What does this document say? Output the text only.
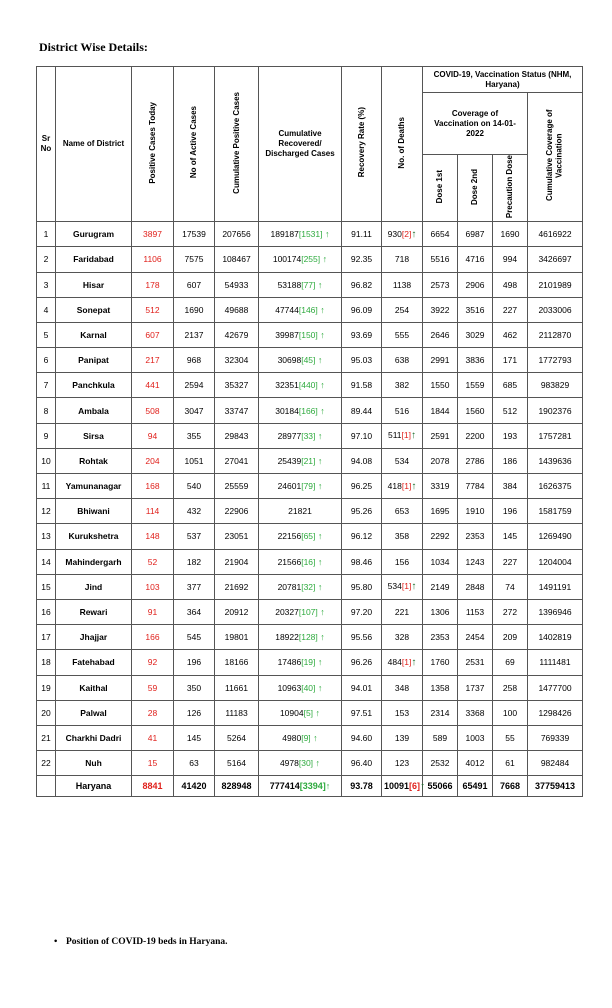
District Wise Details:
Sr No	Name of District	Positive Cases Today	No of Active Cases	Cumulative Positive Cases	Cumulative Recovered/ Discharged Cases	Recovery Rate (%)	No. of Deaths	COVID-19, Vaccination Status (NHM, Haryana)			
								Coverage of Vaccination on 14-01-2022			Cumulative Coverage of Vaccination
								Dose 1st	Dose 2nd	Precaution Dose	
1	Gurugram	3897	17539	207656	189187[1531] ↑	91.11	930[2]↑	6654	6987	1690	4616922
2	Faridabad	1106	7575	108467	100174[255] ↑	92.35	718	5516	4716	994	3426697
3	Hisar	178	607	54933	53188[77] ↑	96.82	1138	2573	2906	498	2101989
4	Sonepat	512	1690	49688	47744[146] ↑	96.09	254	3922	3516	227	2033006
5	Karnal	607	2137	42679	39987[150] ↑	93.69	555	2646	3029	462	2112870
6	Panipat	217	968	32304	30698[45] ↑	95.03	638	2991	3836	171	1772793
7	Panchkula	441	2594	35327	32351[440] ↑	91.58	382	1550	1559	685	983829
8	Ambala	508	3047	33747	30184[166] ↑	89.44	516	1844	1560	512	1902376
9	Sirsa	94	355	29843	28977[33] ↑	97.10	511[1]↑	2591	2200	193	1757281
10	Rohtak	204	1051	27041	25439[21] ↑	94.08	534	2078	2786	186	1439636
11	Yamunanagar	168	540	25559	24601[79] ↑	96.25	418[1]↑	3319	7784	384	1626375
12	Bhiwani	114	432	22906	21821	95.26	653	1695	1910	196	1581759
13	Kurukshetra	148	537	23051	22156[65] ↑	96.12	358	2292	2353	145	1269490
14	Mahindergarh	52	182	21904	21566[16] ↑	98.46	156	1034	1243	227	1204004
15	Jind	103	377	21692	20781[32] ↑	95.80	534[1]↑	2149	2848	74	1491191
16	Rewari	91	364	20912	20327[107] ↑	97.20	221	1306	1153	272	1396946
17	Jhajjar	166	545	19801	18922[128] ↑	95.56	328	2353	2454	209	1402819
18	Fatehabad	92	196	18166	17486[19] ↑	96.26	484[1]↑	1760	2531	69	1111481
19	Kaithal	59	350	11661	10963[40] ↑	94.01	348	1358	1737	258	1477700
20	Palwal	28	126	11183	10904[5] ↑	97.51	153	2314	3368	100	1298426
21	Charkhi Dadri	41	145	5264	4980[9] ↑	94.60	139	589	1003	55	769339
22	Nuh	15	63	5164	4978[30] ↑	96.40	123	2532	4012	61	982484
	Haryana	8841	41420	828948	777414[3394]↑	93.78	10091[6]↑	55066	65491	7668	37759413
• Position of COVID-19 beds in Haryana.
